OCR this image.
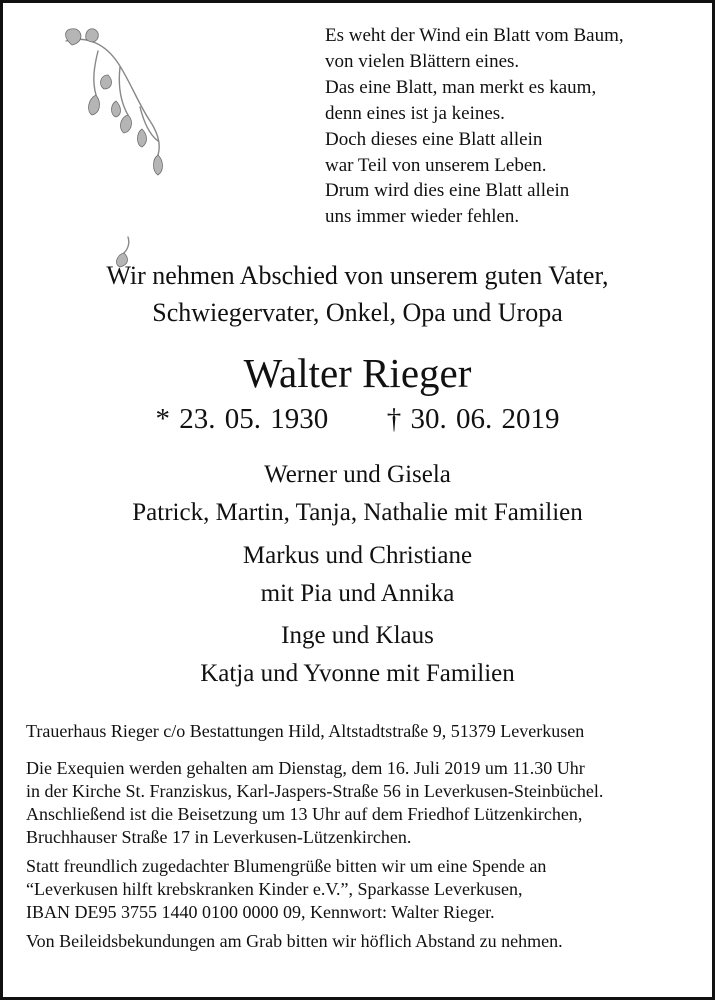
Es weht der Wind ein Blatt vom Baum,
von vielen Blättern eines.
Das eine Blatt, man merkt es kaum,
denn eines ist ja keines.
Doch dieses eine Blatt allein
war Teil von unserem Leben.
Drum wird dies eine Blatt allein
uns immer wieder fehlen.
Wir nehmen Abschied von unserem guten Vater,
Schwiegervater, Onkel, Opa und Uropa
Walter Rieger
* 23. 05. 1930 † 30. 06. 2019
Werner und Gisela
Patrick, Martin, Tanja, Nathalie mit Familien
Markus und Christiane
mit Pia und Annika
Inge und Klaus
Katja und Yvonne mit Familien
Trauerhaus Rieger c/o Bestattungen Hild, Altstadtstraße 9, 51379 Leverkusen
Die Exequien werden gehalten am Dienstag, dem 16. Juli 2019 um 11.30 Uhr
in der Kirche St. Franziskus, Karl-Jaspers-Straße 56 in Leverkusen-Steinbüchel.
Anschließend ist die Beisetzung um 13 Uhr auf dem Friedhof Lützenkirchen,
Bruchhauser Straße 17 in Leverkusen-Lützenkirchen.
Statt freundlich zugedachter Blumengrüße bitten wir um eine Spende an
“Leverkusen hilft krebskranken Kinder e.V.”, Sparkasse Leverkusen,
IBAN DE95 3755 1440 0100 0000 09, Kennwort: Walter Rieger.
Von Beileidsbekundungen am Grab bitten wir höflich Abstand zu nehmen.
